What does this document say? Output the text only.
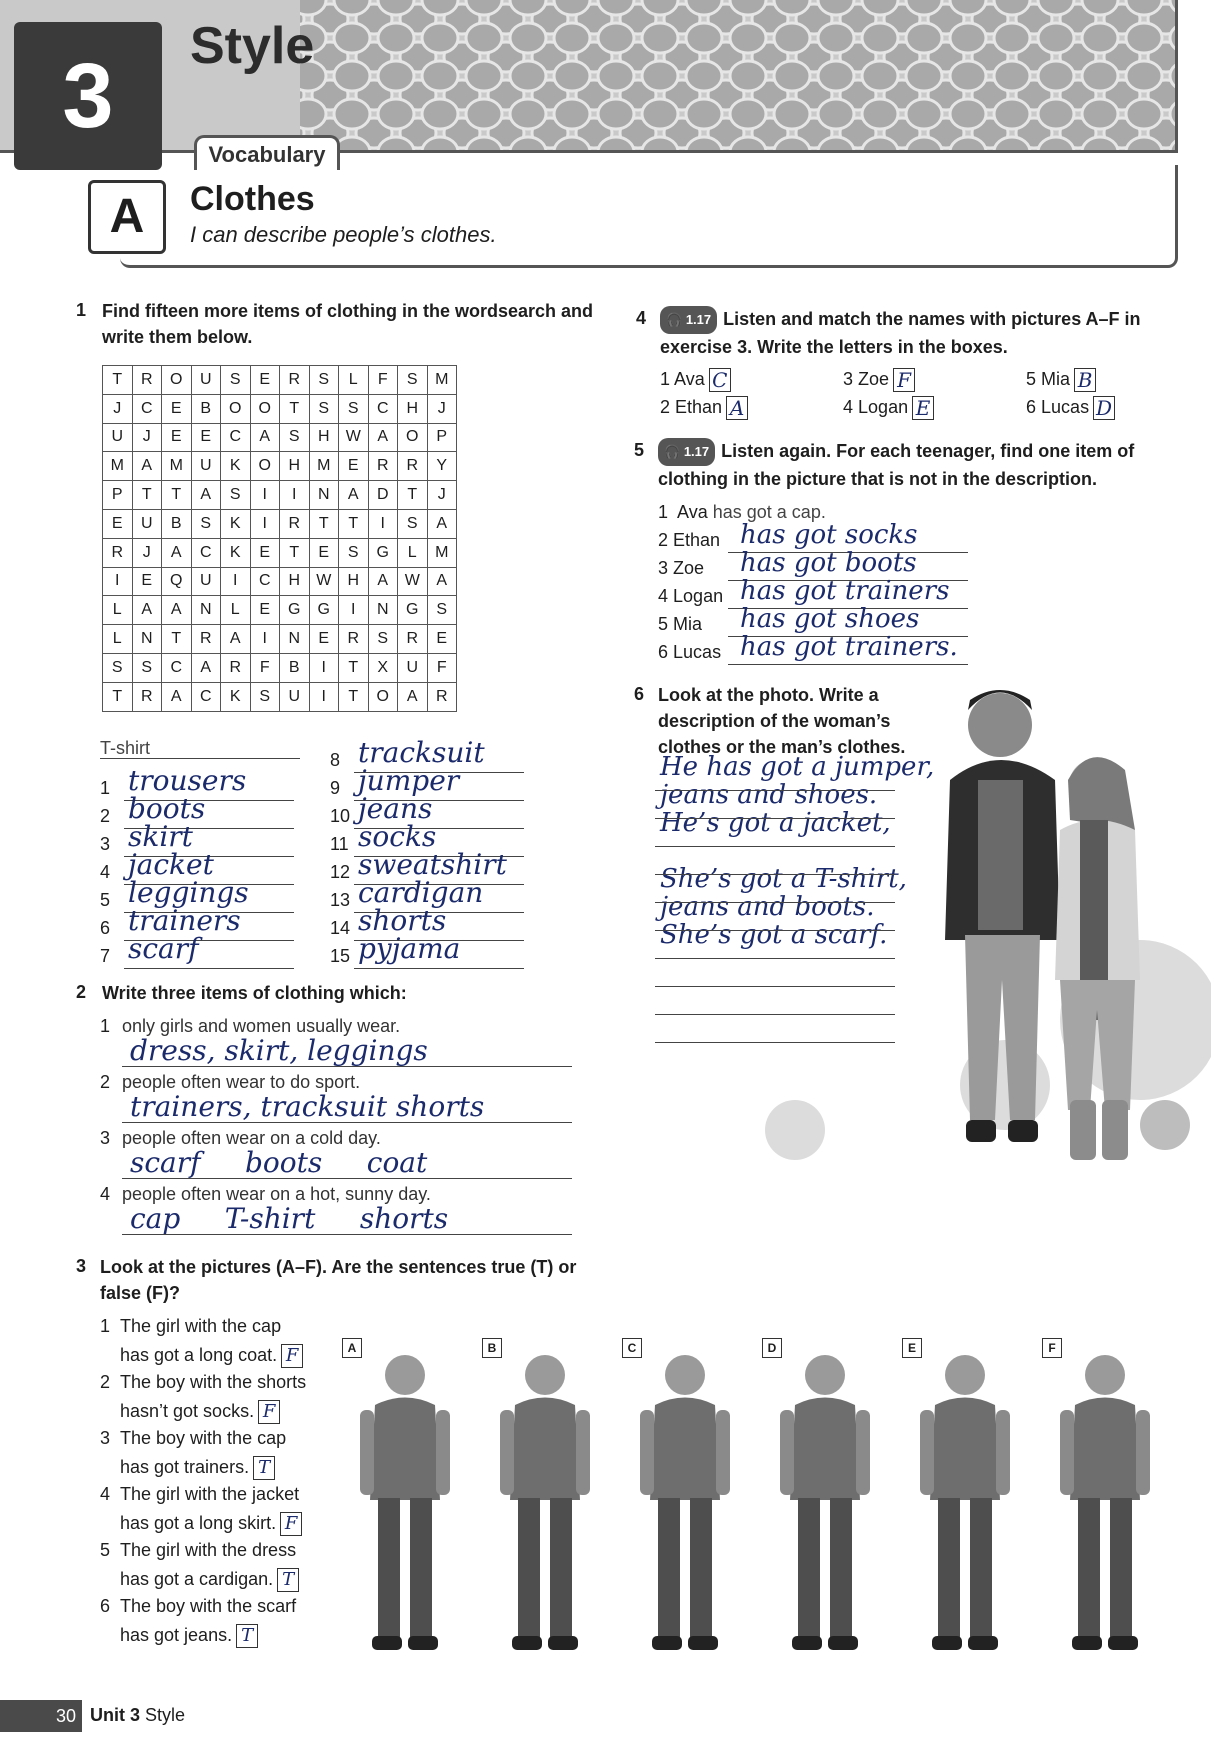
3	Style
Vocabulary
A	Clothes
I can describe people’s clothes.
1 Find fifteen more items of clothing in the wordsearch and write them below.
T	R	O	U	S	E	R	S	L	F	S	M
J	C	E	B	O	O	T	S	S	C	H	J
U	J	E	E	C	A	S	H	W	A	O	P
M	A	M	U	K	O	H	M	E	R	R	Y
P	T	T	A	S	I	I	N	A	D	T	J
E	U	B	S	K	I	R	T	T	I	S	A
R	J	A	C	K	E	T	E	S	G	L	M
I	E	Q	U	I	C	H	W	H	A	W	A
L	A	A	N	L	E	G	G	I	N	G	S
L	N	T	R	A	I	N	E	R	S	R	E
S	S	C	A	R	F	B	I	T	X	U	F
T	R	A	C	K	S	U	I	T	O	A	R
T-shirt
1 trousers
2 boots
3 skirt
4 jacket
5 leggings
6 trainers
7 scarf
8 tracksuit
9 jumper
10 jeans
11 socks
12 sweatshirt
13 cardigan
14 shorts
15 pyjama
2 Write three items of clothing which:
1 only girls and women usually wear.
dress, skirt, leggings
2 people often wear to do sport.
trainers, tracksuit shorts
3 people often wear on a cold day.
scarf     boots     coat
4 people often wear on a hot, sunny day.
cap     T-shirt     shorts
3 Look at the pictures (A–F). Are the sentences true (T) or false (F)?
1 The girl with the cap
has got a long coat. F
2 The boy with the shorts
hasn’t got socks. F
3 The boy with the cap
has got trainers. T
4 The girl with the jacket
has got a long skirt. F
5 The girl with the dress
has got a cardigan. T
6 The boy with the scarf
has got jeans. T
A	B	C	D	E	F
4	🎧 1.17 Listen and match the names with pictures A–F in exercise 3. Write the letters in the boxes.
1 Ava C	3 Zoe F	5 Mia B
2 Ethan A	4 Logan E	6 Lucas D
5	🎧 1.17 Listen again. For each teenager, find one item of clothing in the picture that is not in the description.
1 Ava has got a cap.
2 Ethan has got socks
3 Zoe has got boots
4 Logan has got trainers
5 Mia has got shoes
6 Lucas has got trainers.
6 Look at the photo. Write a description of the woman’s clothes or the man’s clothes.
He has got a jumper,
jeans and shoes.
He’s got a jacket,
She’s got a T-shirt,
jeans and boots.
She’s got a scarf.
30 Unit 3 Style
